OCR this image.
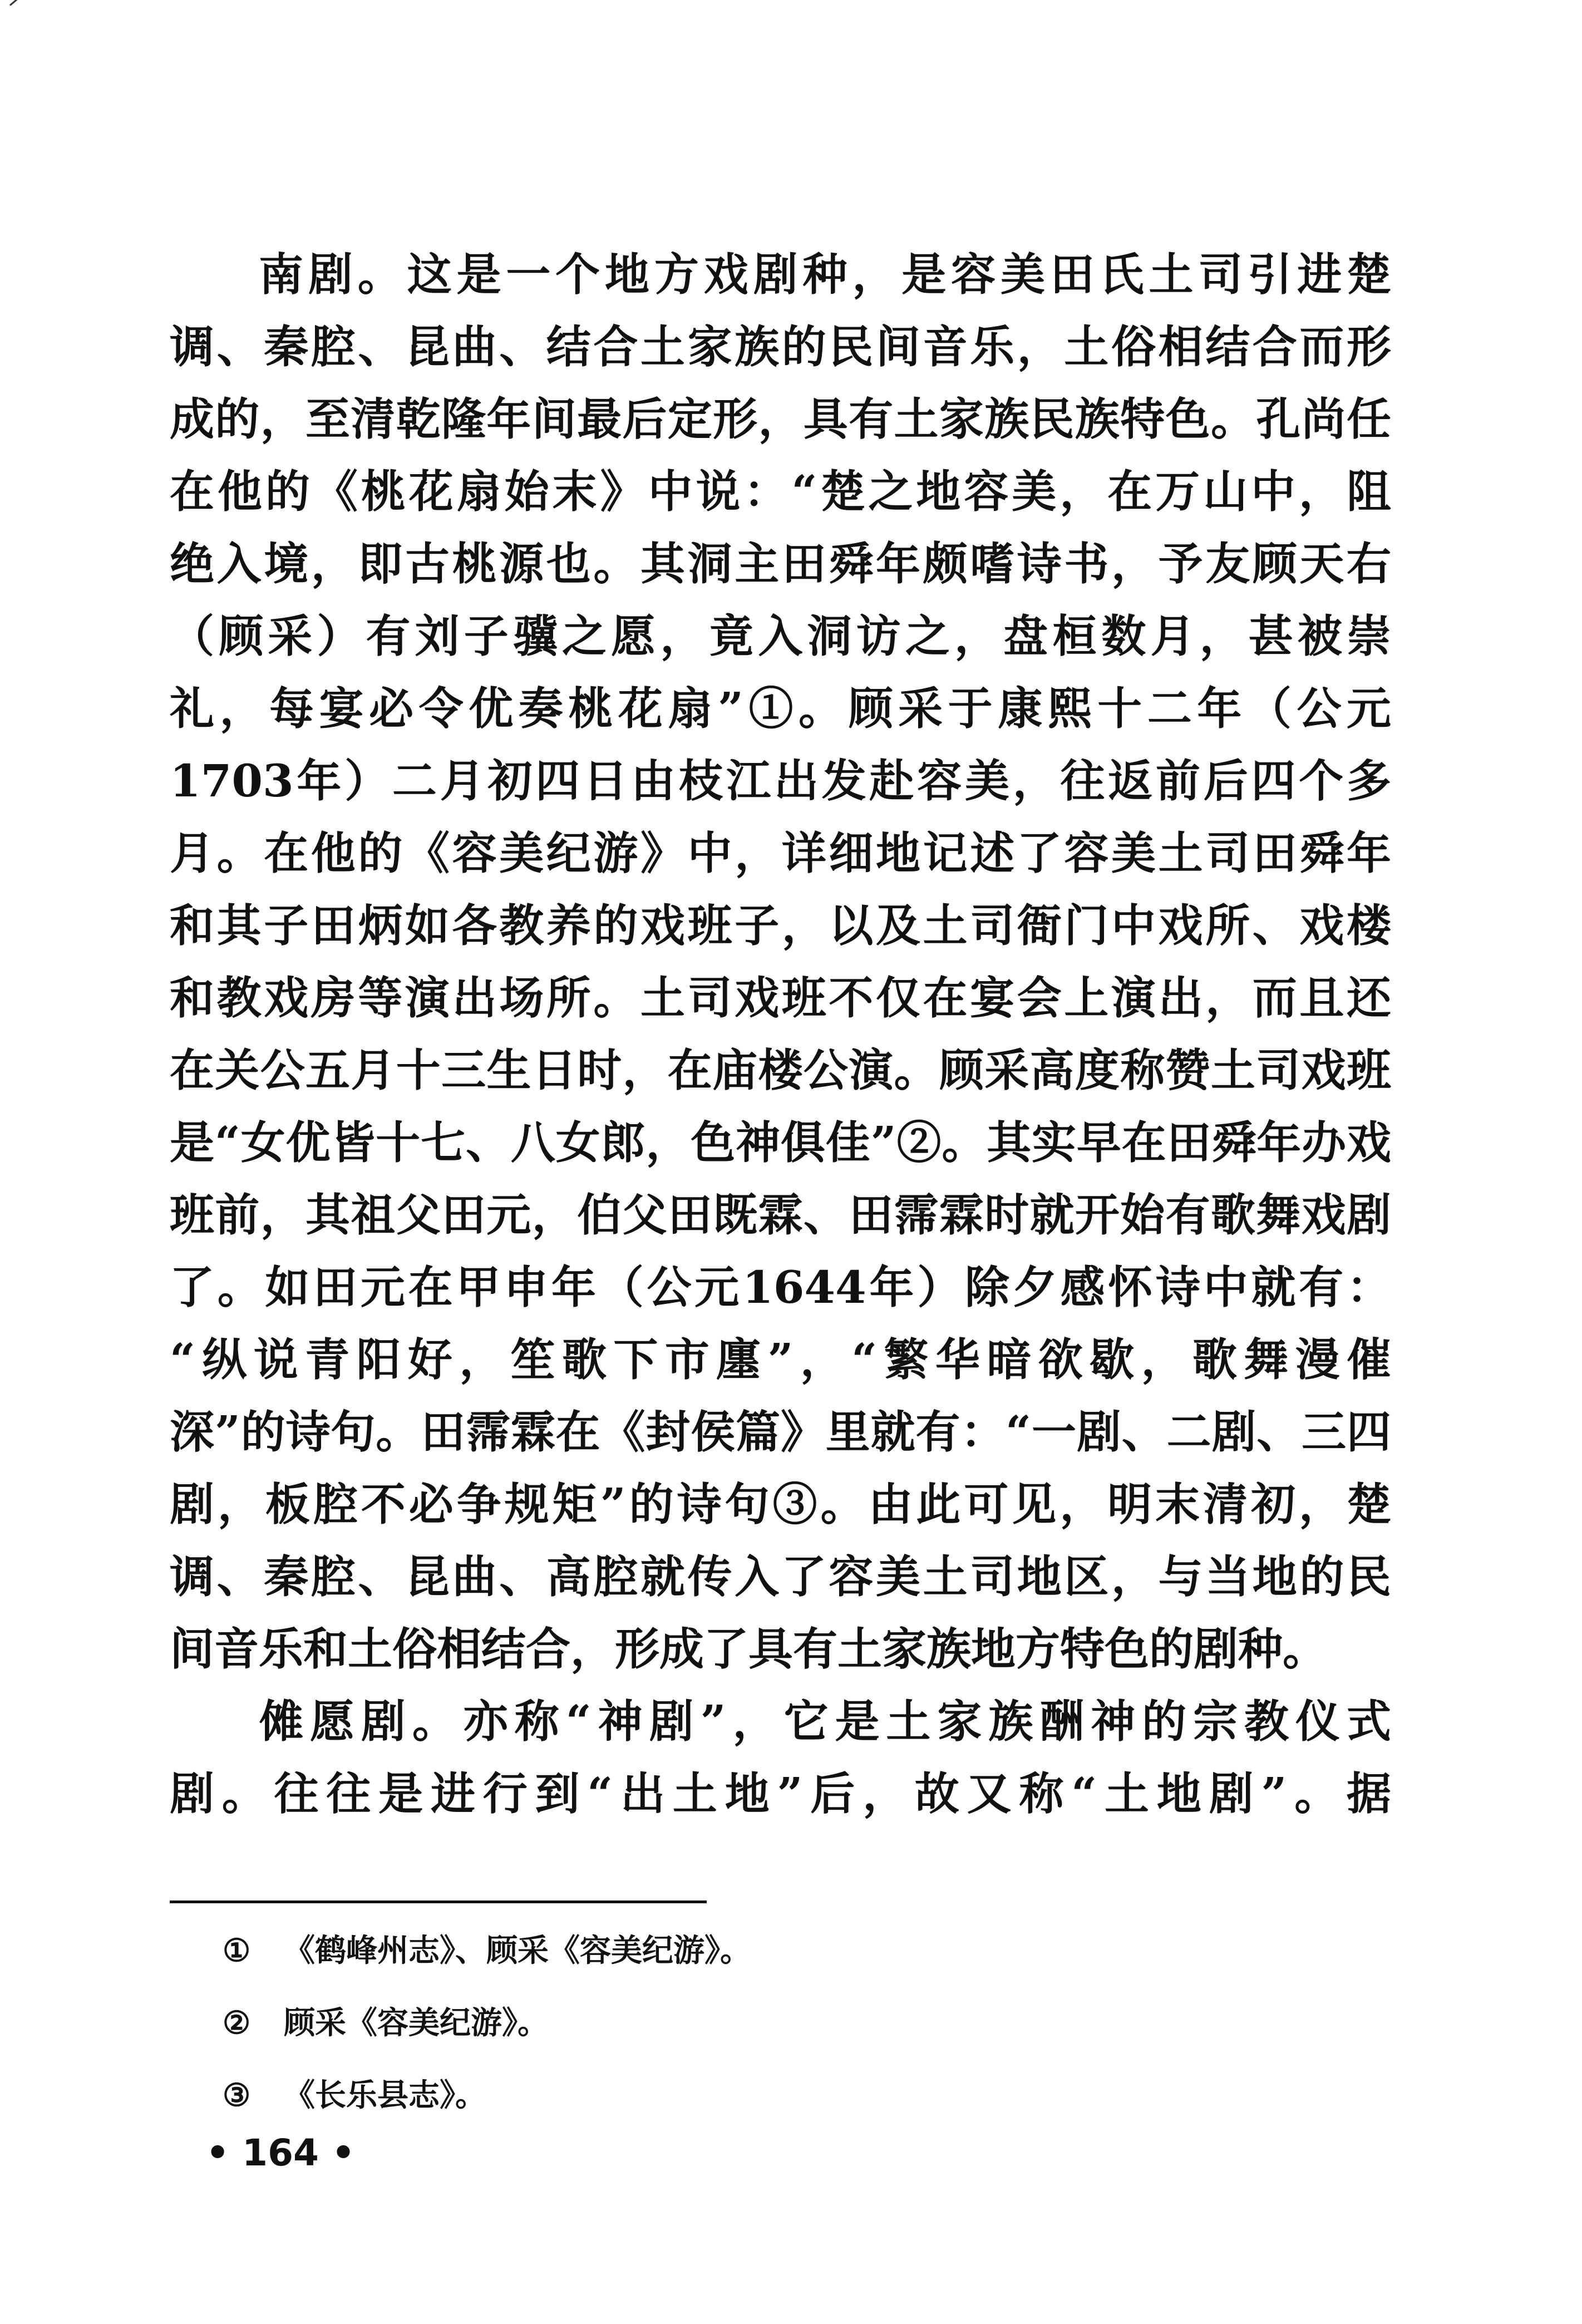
南剧。这是一个地方戏剧种，是容美田氏土司引进楚
调、秦腔、昆曲、结合土家族的民间音乐，土俗相结合而形
成的，至清乾隆年间最后定形，具有土家族民族特色。孔尚任
在他的《桃花扇始末》中说：“楚之地容美，在万山中，阻
绝入境，即古桃源也。其洞主田舜年颇嗜诗书，予友顾天右
（顾采）有刘子骥之愿，竟入洞访之，盘桓数月，甚被崇
礼，每宴必令优奏桃花扇”①。顾采于康熙十二年（公元
1703年）二月初四日由枝江出发赴容美，往返前后四个多
月。在他的《容美纪游》中，详细地记述了容美土司田舜年
和其子田炳如各教养的戏班子，以及土司衙门中戏所、戏楼
和教戏房等演出场所。土司戏班不仅在宴会上演出，而且还
在关公五月十三生日时，在庙楼公演。顾采高度称赞土司戏班
是“女优皆十七、八女郎，色神俱佳”②。其实早在田舜年办戏
班前，其祖父田元，伯父田既霖、田霈霖时就开始有歌舞戏剧
了。如田元在甲申年（公元1644年）除夕感怀诗中就有：
“纵说青阳好，笙歌下市廛”，“繁华暗欲歇，歌舞漫催
深”的诗句。田霈霖在《封侯篇》里就有：“一剧、二剧、三四
剧，板腔不必争规矩”的诗句③。由此可见，明末清初，楚
调、秦腔、昆曲、高腔就传入了容美土司地区，与当地的民
间音乐和土俗相结合，形成了具有土家族地方特色的剧种。
傩愿剧。亦称“神剧”，它是土家族酬神的宗教仪式
剧。往往是进行到“出土地”后，故又称“土地剧”。据
① 《鹤峰州志》、顾采《容美纪游》。
② 顾采《容美纪游》。
③ 《长乐县志》。
• 164 •
